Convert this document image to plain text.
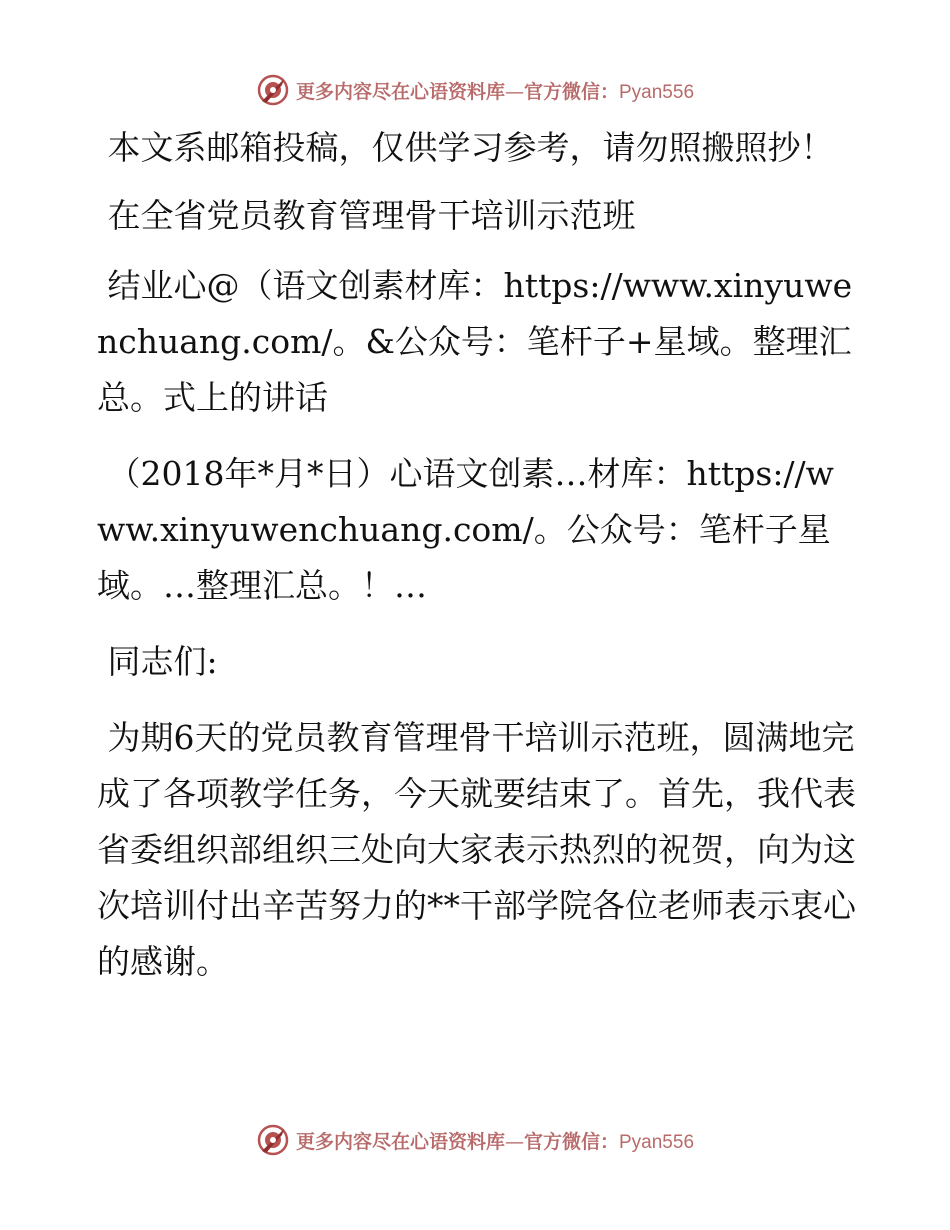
更多内容尽在心语资料库—官方微信：Pyan556

本文系邮箱投稿，仅供学习参考，请勿照搬照抄！

在全省党员教育管理骨干培训示范班

结业心@（语文创素材库：https://www.xinyuwenchuang.com/。&公众号：笔杆子+星域。整理汇总。式上的讲话

（2018年*月*日）心语文创素…材库：https://www.xinyuwenchuang.com/。公众号：笔杆子星域。…整理汇总。！…

同志们:

为期6天的党员教育管理骨干培训示范班，圆满地完成了各项教学任务，今天就要结束了。首先，我代表省委组织部组织三处向大家表示热烈的祝贺，向为这次培训付出辛苦努力的**干部学院各位老师表示衷心的感谢。

更多内容尽在心语资料库—官方微信：Pyan556
